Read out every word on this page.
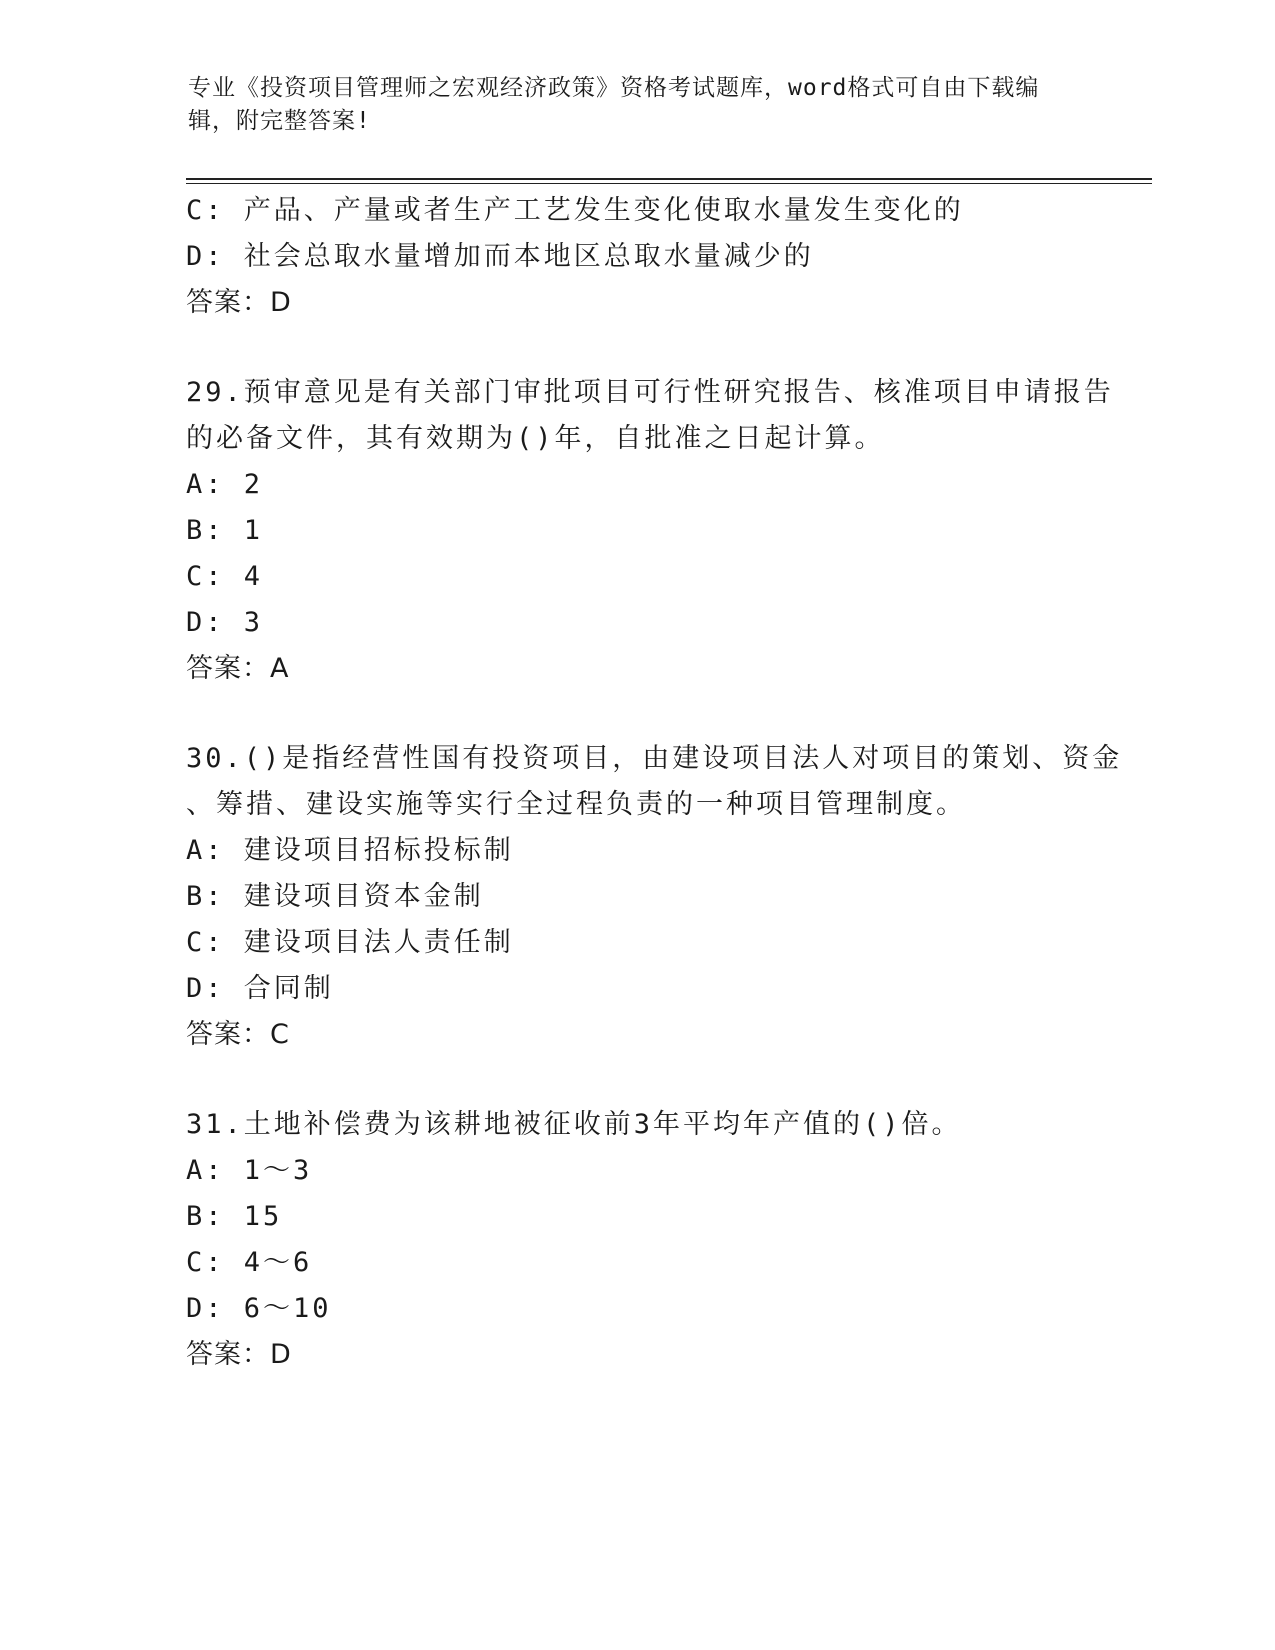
专业《投资项目管理师之宏观经济政策》资格考试题库，word格式可自由下载编
辑，附完整答案!
C: 产品、产量或者生产工艺发生变化使取水量发生变化的
D: 社会总取水量增加而本地区总取水量减少的
答案：D
29.预审意见是有关部门审批项目可行性研究报告、核准项目申请报告
的必备文件，其有效期为()年，自批准之日起计算。
A: 2
B: 1
C: 4
D: 3
答案：A
30.()是指经营性国有投资项目，由建设项目法人对项目的策划、资金
、筹措、建设实施等实行全过程负责的一种项目管理制度。
A: 建设项目招标投标制
B: 建设项目资本金制
C: 建设项目法人责任制
D: 合同制
答案：C
31.土地补偿费为该耕地被征收前3年平均年产值的()倍。
A: 1～3
B: 15
C: 4～6
D: 6～10
答案：D
